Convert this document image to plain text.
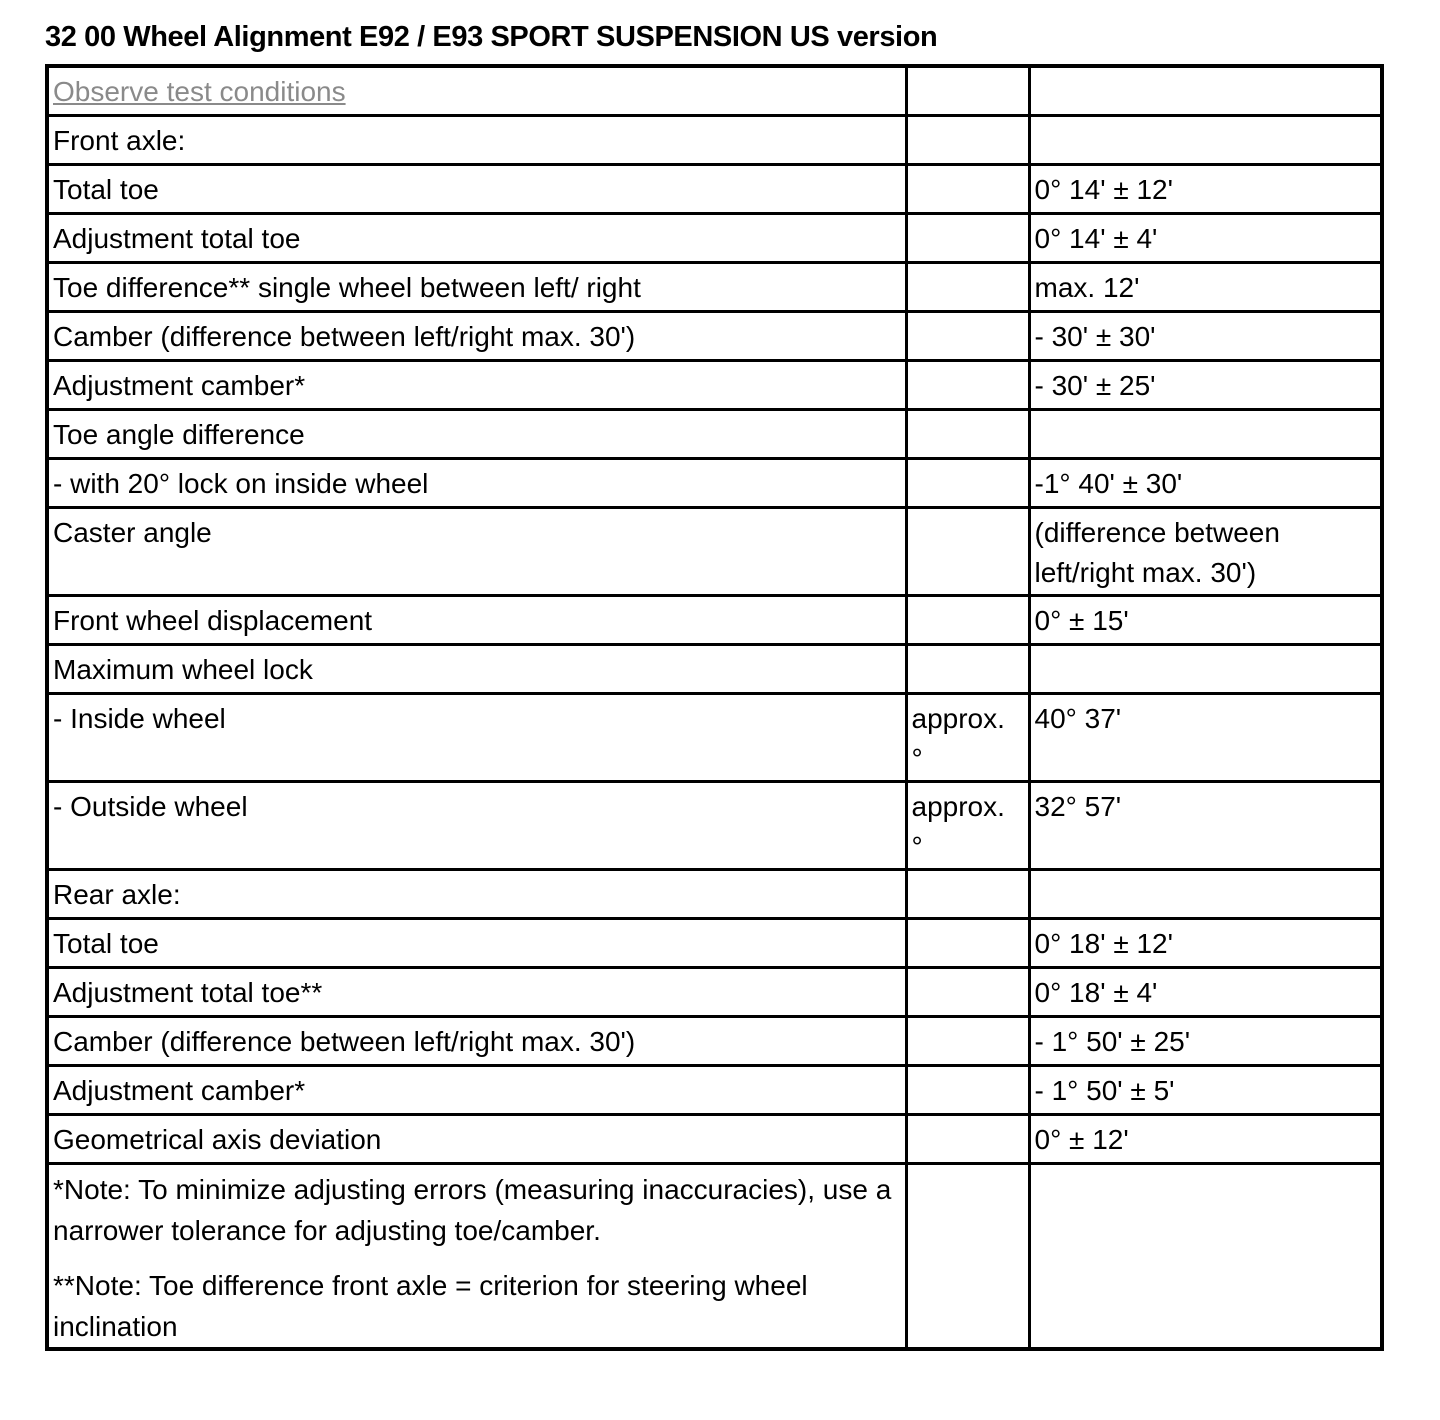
32 00 Wheel Alignment E92 / E93 SPORT SUSPENSION US version
Observe test conditions		
Front axle:		
Total toe		0° 14' ± 12'
Adjustment total toe		0° 14' ± 4'
Toe difference** single wheel between left/ right		max. 12'
Camber (difference between left/right max. 30')		- 30' ± 30'
Adjustment camber*		- 30' ± 25'
Toe angle difference		
- with 20° lock on inside wheel		-1° 40' ± 30'
Caster angle		(difference between left/right max. 30')
Front wheel displacement		0° ± 15'
Maximum wheel lock		
- Inside wheel	approx. °	40° 37'
- Outside wheel	approx. °	32° 57'
Rear axle:		
Total toe		0° 18' ± 12'
Adjustment total toe**		0° 18' ± 4'
Camber (difference between left/right max. 30')		- 1° 50' ± 25'
Adjustment camber*		- 1° 50' ± 5'
Geometrical axis deviation		0° ± 12'

*Note: To minimize adjusting errors (measuring inaccuracies), use a narrower tolerance for adjusting toe/camber.

**Note: Toe difference front axle = criterion for steering wheel inclination		
